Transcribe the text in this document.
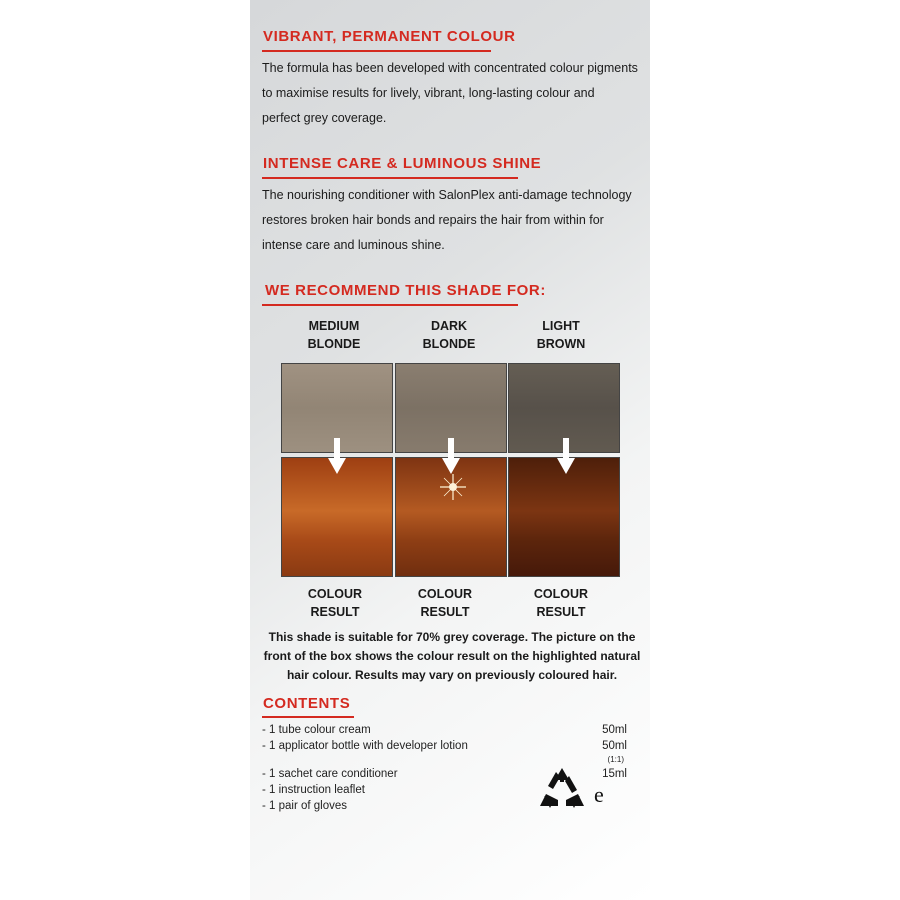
VIBRANT, PERMANENT COLOUR
The formula has been developed with concentrated colour pigments
to maximise results for lively, vibrant, long-lasting colour and
perfect grey coverage.
INTENSE CARE & LUMINOUS SHINE
The nourishing conditioner with SalonPlex anti-damage technology
restores broken hair bonds and repairs the hair from within for
intense care and luminous shine.
WE RECOMMEND THIS SHADE FOR:
MEDIUM
BLONDE
DARK
BLONDE
LIGHT
BROWN
COLOUR
RESULT
COLOUR
RESULT
COLOUR
RESULT
This shade is suitable for 70% grey coverage. The picture on the
front of the box shows the colour result on the highlighted natural
hair colour. Results may vary on previously coloured hair.
CONTENTS
- 1 tube colour cream	50ml
- 1 applicator bottle with developer lotion	50ml
(1:1)
- 1 sachet care conditioner	15ml
- 1 instruction leaflet
- 1 pair of gloves	e
